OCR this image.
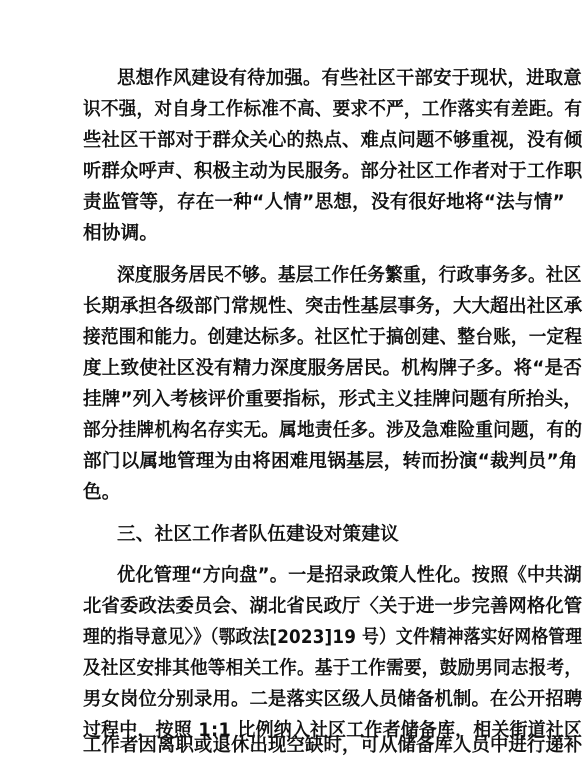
思想作风建设有待加强。有些社区干部安于现状，进取意
识不强，对自身工作标准不高、要求不严，工作落实有差距。有
些社区干部对于群众关心的热点、难点问题不够重视，没有倾
听群众呼声、积极主动为民服务。部分社区工作者对于工作职
责监管等，存在一种“人情”思想，没有很好地将“法与情”
相协调。
深度服务居民不够。基层工作任务繁重，行政事务多。社区
长期承担各级部门常规性、突击性基层事务，大大超出社区承
接范围和能力。创建达标多。社区忙于搞创建、整台账，一定程
度上致使社区没有精力深度服务居民。机构牌子多。将“是否
挂牌”列入考核评价重要指标，形式主义挂牌问题有所抬头，
部分挂牌机构名存实无。属地责任多。涉及急难险重问题，有的
部门以属地管理为由将困难甩锅基层，转而扮演“裁判员”角
色。
三、社区工作者队伍建设对策建议
优化管理“方向盘”。一是招录政策人性化。按照《中共湖
北省委政法委员会、湖北省民政厅〈关于进一步完善网格化管
理的指导意见〉》（鄂政法[2023]19 号）文件精神落实好网格管理
及社区安排其他等相关工作。基于工作需要，鼓励男同志报考，
男女岗位分别录用。二是落实区级人员储备机制。在公开招聘
过程中，按照 1:1 比例纳入社区工作者储备库，相关街道社区
工作者因离职或退休出现空缺时，可从储备库人员中进行递补
